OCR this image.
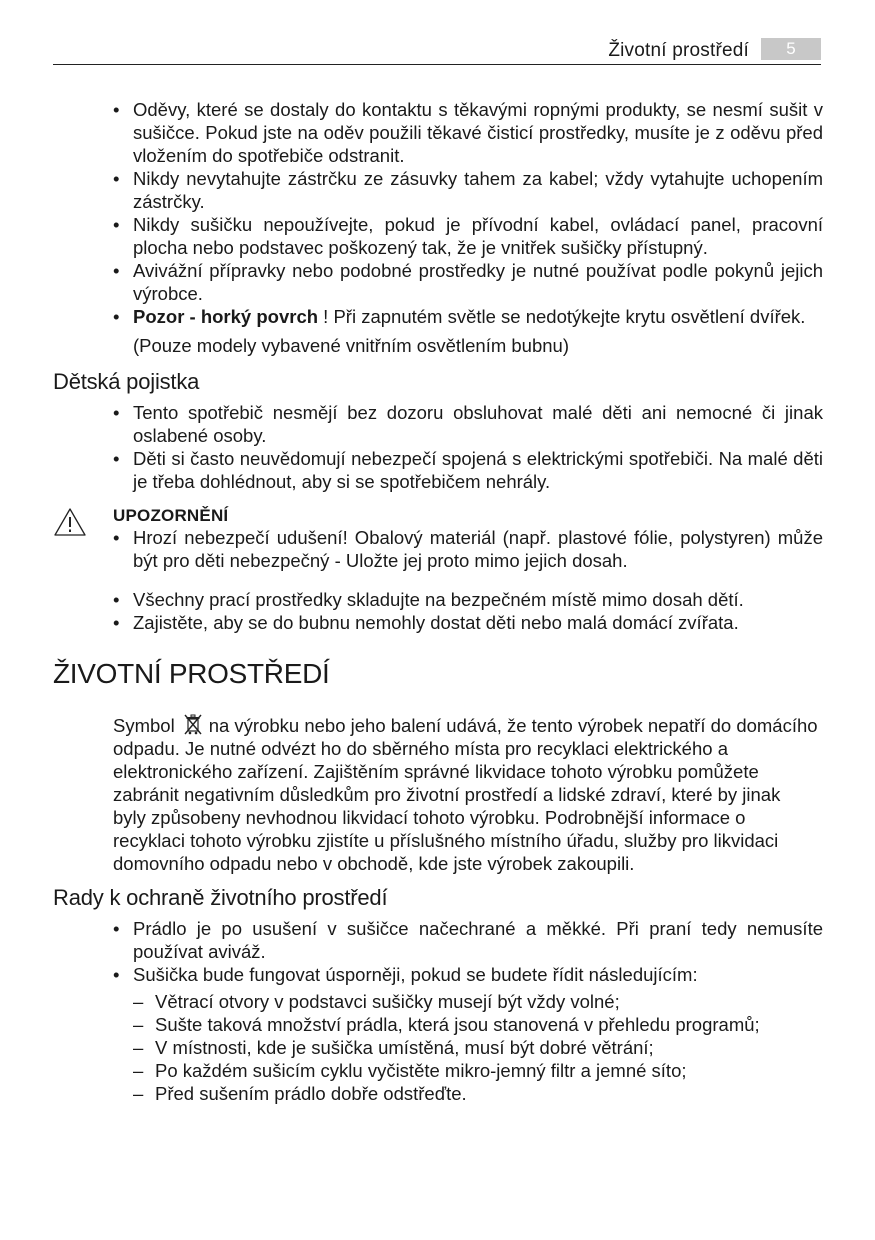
Životní prostředí	5
• Oděvy, které se dostaly do kontaktu s těkavými ropnými produkty, se nesmí sušit v sušičce. Pokud jste na oděv použili těkavé čisticí prostředky, musíte je z oděvu před vložením do spotřebiče odstranit.
• Nikdy nevytahujte zástrčku ze zásuvky tahem za kabel; vždy vytahujte uchopením zástrčky.
• Nikdy sušičku nepoužívejte, pokud je přívodní kabel, ovládací panel, pracovní plocha nebo podstavec poškozený tak, že je vnitřek sušičky přístupný.
• Avivážní přípravky nebo podobné prostředky je nutné používat podle pokynů jejich výrobce.
• Pozor - horký povrch ! Při zapnutém světle se nedotýkejte krytu osvětlení dvířek.
(Pouze modely vybavené vnitřním osvětlením bubnu)
Dětská pojistka
• Tento spotřebič nesmějí bez dozoru obsluhovat malé děti ani nemocné či jinak oslabené osoby.
• Děti si často neuvědomují nebezpečí spojená s elektrickými spotřebiči. Na malé děti je třeba dohlédnout, aby si se spotřebičem nehrály.
UPOZORNĚNÍ
• Hrozí nebezpečí udušení! Obalový materiál (např. plastové fólie, polystyren) může být pro děti nebezpečný - Uložte jej proto mimo jejich dosah.
• Všechny prací prostředky skladujte na bezpečném místě mimo dosah dětí.
• Zajistěte, aby se do bubnu nemohly dostat děti nebo malá domácí zvířata.
ŽIVOTNÍ PROSTŘEDÍ
Symbol na výrobku nebo jeho balení udává, že tento výrobek nepatří do domácího odpadu. Je nutné odvézt ho do sběrného místa pro recyklaci elektrického a elektronického zařízení. Zajištěním správné likvidace tohoto výrobku pomůžete zabránit negativním důsledkům pro životní prostředí a lidské zdraví, které by jinak byly způsobeny nevhodnou likvidací tohoto výrobku. Podrobnější informace o recyklaci tohoto výrobku zjistíte u příslušného místního úřadu, služby pro likvidaci domovního odpadu nebo v obchodě, kde jste výrobek zakoupili.
Rady k ochraně životního prostředí
• Prádlo je po usušení v sušičce načechrané a měkké. Při praní tedy nemusíte používat aviváž.
• Sušička bude fungovat úsporněji, pokud se budete řídit následujícím:
– Větrací otvory v podstavci sušičky musejí být vždy volné;
– Sušte taková množství prádla, která jsou stanovená v přehledu programů;
– V místnosti, kde je sušička umístěná, musí být dobré větrání;
– Po každém sušicím cyklu vyčistěte mikro-jemný filtr a jemné síto;
– Před sušením prádlo dobře odstřeďte.
